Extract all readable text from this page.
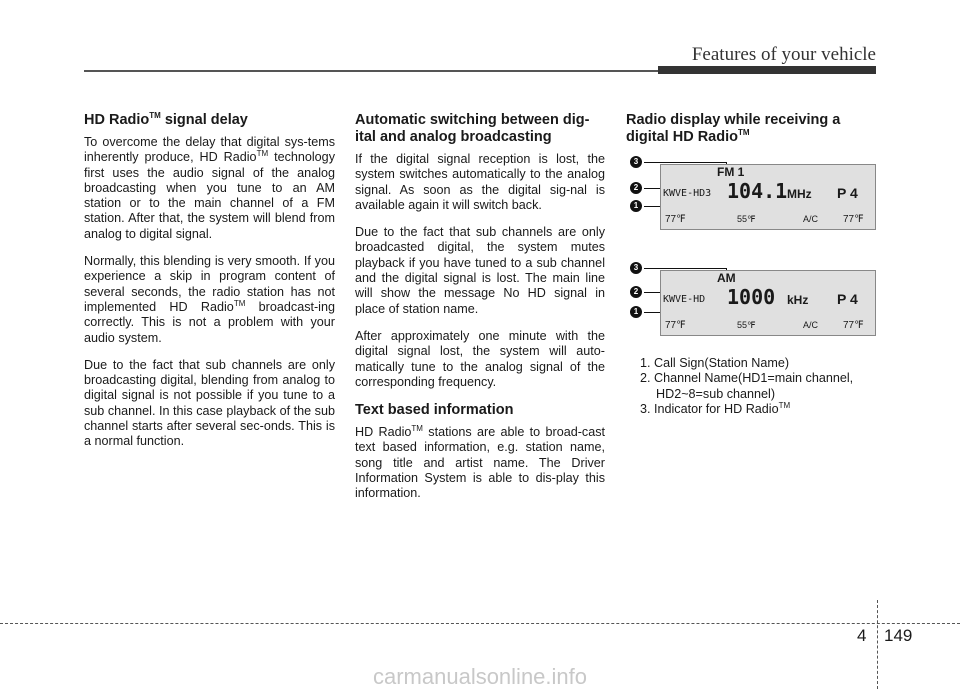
Features of your vehicle
HD Radio™ signal delay

To overcome the delay that digital sys-tems inherently produce, HD Radio™ technology first uses the audio signal of the analog broadcasting when you tune to an AM station or to the main channel of a FM station. After that, the system will blend from analog to digital signal.

Normally, this blending is very smooth. If you experience a skip in program content of several seconds, the radio station has not implemented HD Radio™ broadcast-ing correctly. This is not a problem with your audio system.

Due to the fact that sub channels are only broadcasting digital, blending from analog to digital signal is not possible if you tune to a sub channel. In this case playback of the sub channel starts after several sec-onds. This is a normal function.

Automatic switching between dig-ital and analog broadcasting

If the digital signal reception is lost, the system switches automatically to the analog signal. As soon as the digital sig-nal is available again it will switch back.

Due to the fact that sub channels are only broadcasted digital, the system mutes playback if you have tuned to a sub channel and the digital signal is lost. The main line will show the message No HD signal in place of station name.

After approximately one minute with the digital signal lost, the system will auto-matically tune to the analog signal of the corresponding frequency.

Text based information

HD Radio™ stations are able to broad-cast text based information, e.g. station name, song title and artist name. The Driver Information System is able to dis-play this information.

Radio display while receiving a digital HD Radio™
3
2
1
FM 1
KWVE-HD3 104.1 MHz P 4
77℉	55℉	A/C 77℉
3
2
1
AM
KWVE-HD 1000 kHz P 4
77℉	55℉	A/C 77℉
1. Call Sign(Station Name)
2. Channel Name(HD1=main channel, HD2~8=sub channel)
3. Indicator for HD Radio™
4 149
carmanualsonline.info
